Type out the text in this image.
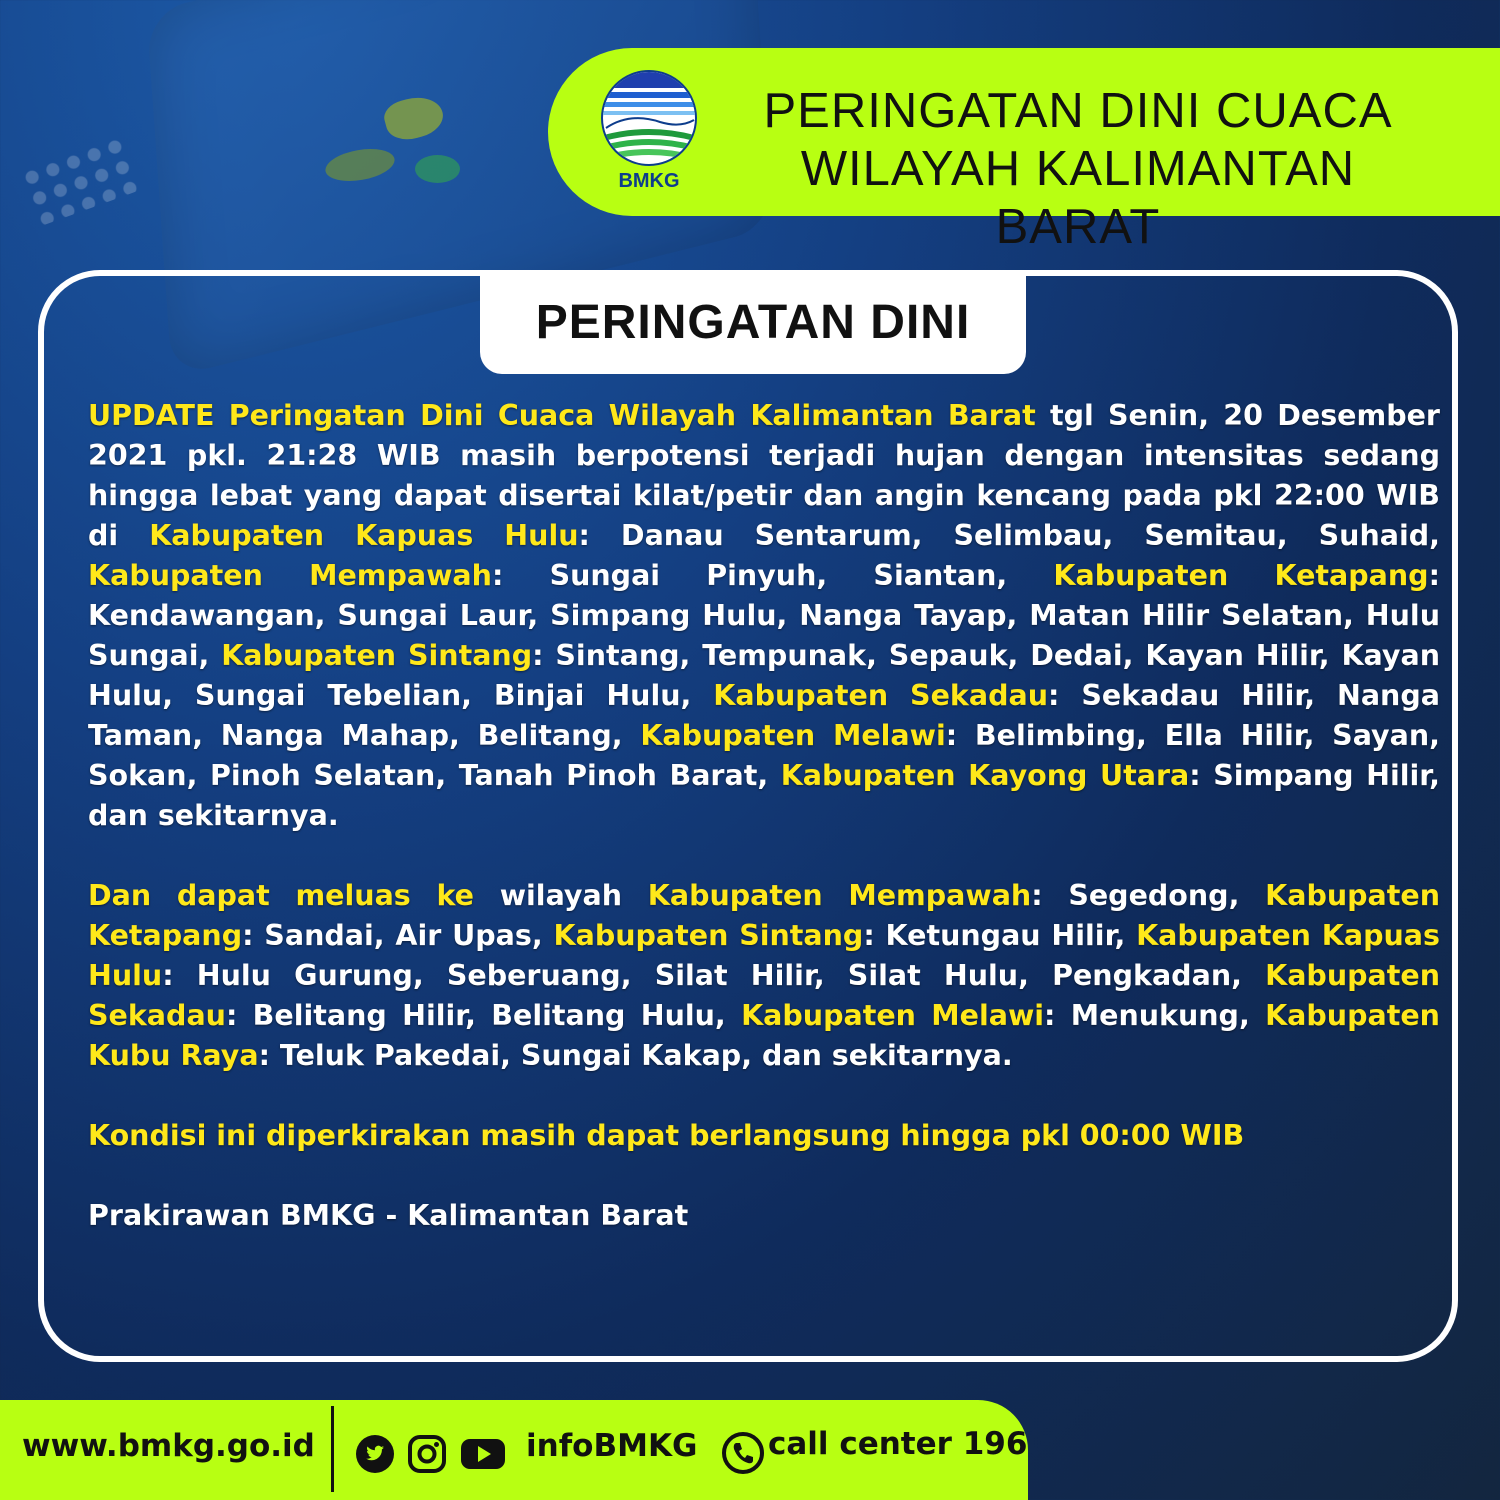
BMKG
PERINGATAN DINI CUACA
WILAYAH KALIMANTAN BARAT
PERINGATAN DINI

UPDATE Peringatan Dini Cuaca Wilayah Kalimantan Barat tgl Senin, 20 Desember 2021 pkl. 21:28 WIB masih berpotensi terjadi hujan dengan intensitas sedang hingga lebat yang dapat disertai kilat/petir dan angin kencang pada pkl 22:00 WIB di Kabupaten Kapuas Hulu: Danau Sentarum, Selimbau, Semitau, Suhaid, Kabupaten Mempawah: Sungai Pinyuh, Siantan, Kabupaten Ketapang: Kendawangan, Sungai Laur, Simpang Hulu, Nanga Tayap, Matan Hilir Selatan, Hulu Sungai, Kabupaten Sintang: Sintang, Tempunak, Sepauk, Dedai, Kayan Hilir, Kayan Hulu, Sungai Tebelian, Binjai Hulu, Kabupaten Sekadau: Sekadau Hilir, Nanga Taman, Nanga Mahap, Belitang, Kabupaten Melawi: Belimbing, Ella Hilir, Sayan, Sokan, Pinoh Selatan, Tanah Pinoh Barat, Kabupaten Kayong Utara: Simpang Hilir, dan sekitarnya.

Dan dapat meluas ke wilayah Kabupaten Mempawah: Segedong, Kabupaten Ketapang: Sandai, Air Upas, Kabupaten Sintang: Ketungau Hilir, Kabupaten Kapuas Hulu: Hulu Gurung, Seberuang, Silat Hilir, Silat Hulu, Pengkadan, Kabupaten Sekadau: Belitang Hilir, Belitang Hulu, Kabupaten Melawi: Menukung, Kabupaten Kubu Raya: Teluk Pakedai, Sungai Kakap, dan sekitarnya.

Kondisi ini diperkirakan masih dapat berlangsung hingga pkl 00:00 WIB

Prakirawan BMKG - Kalimantan Barat

www.bmkg.go.id	infoBMKG call center 196
